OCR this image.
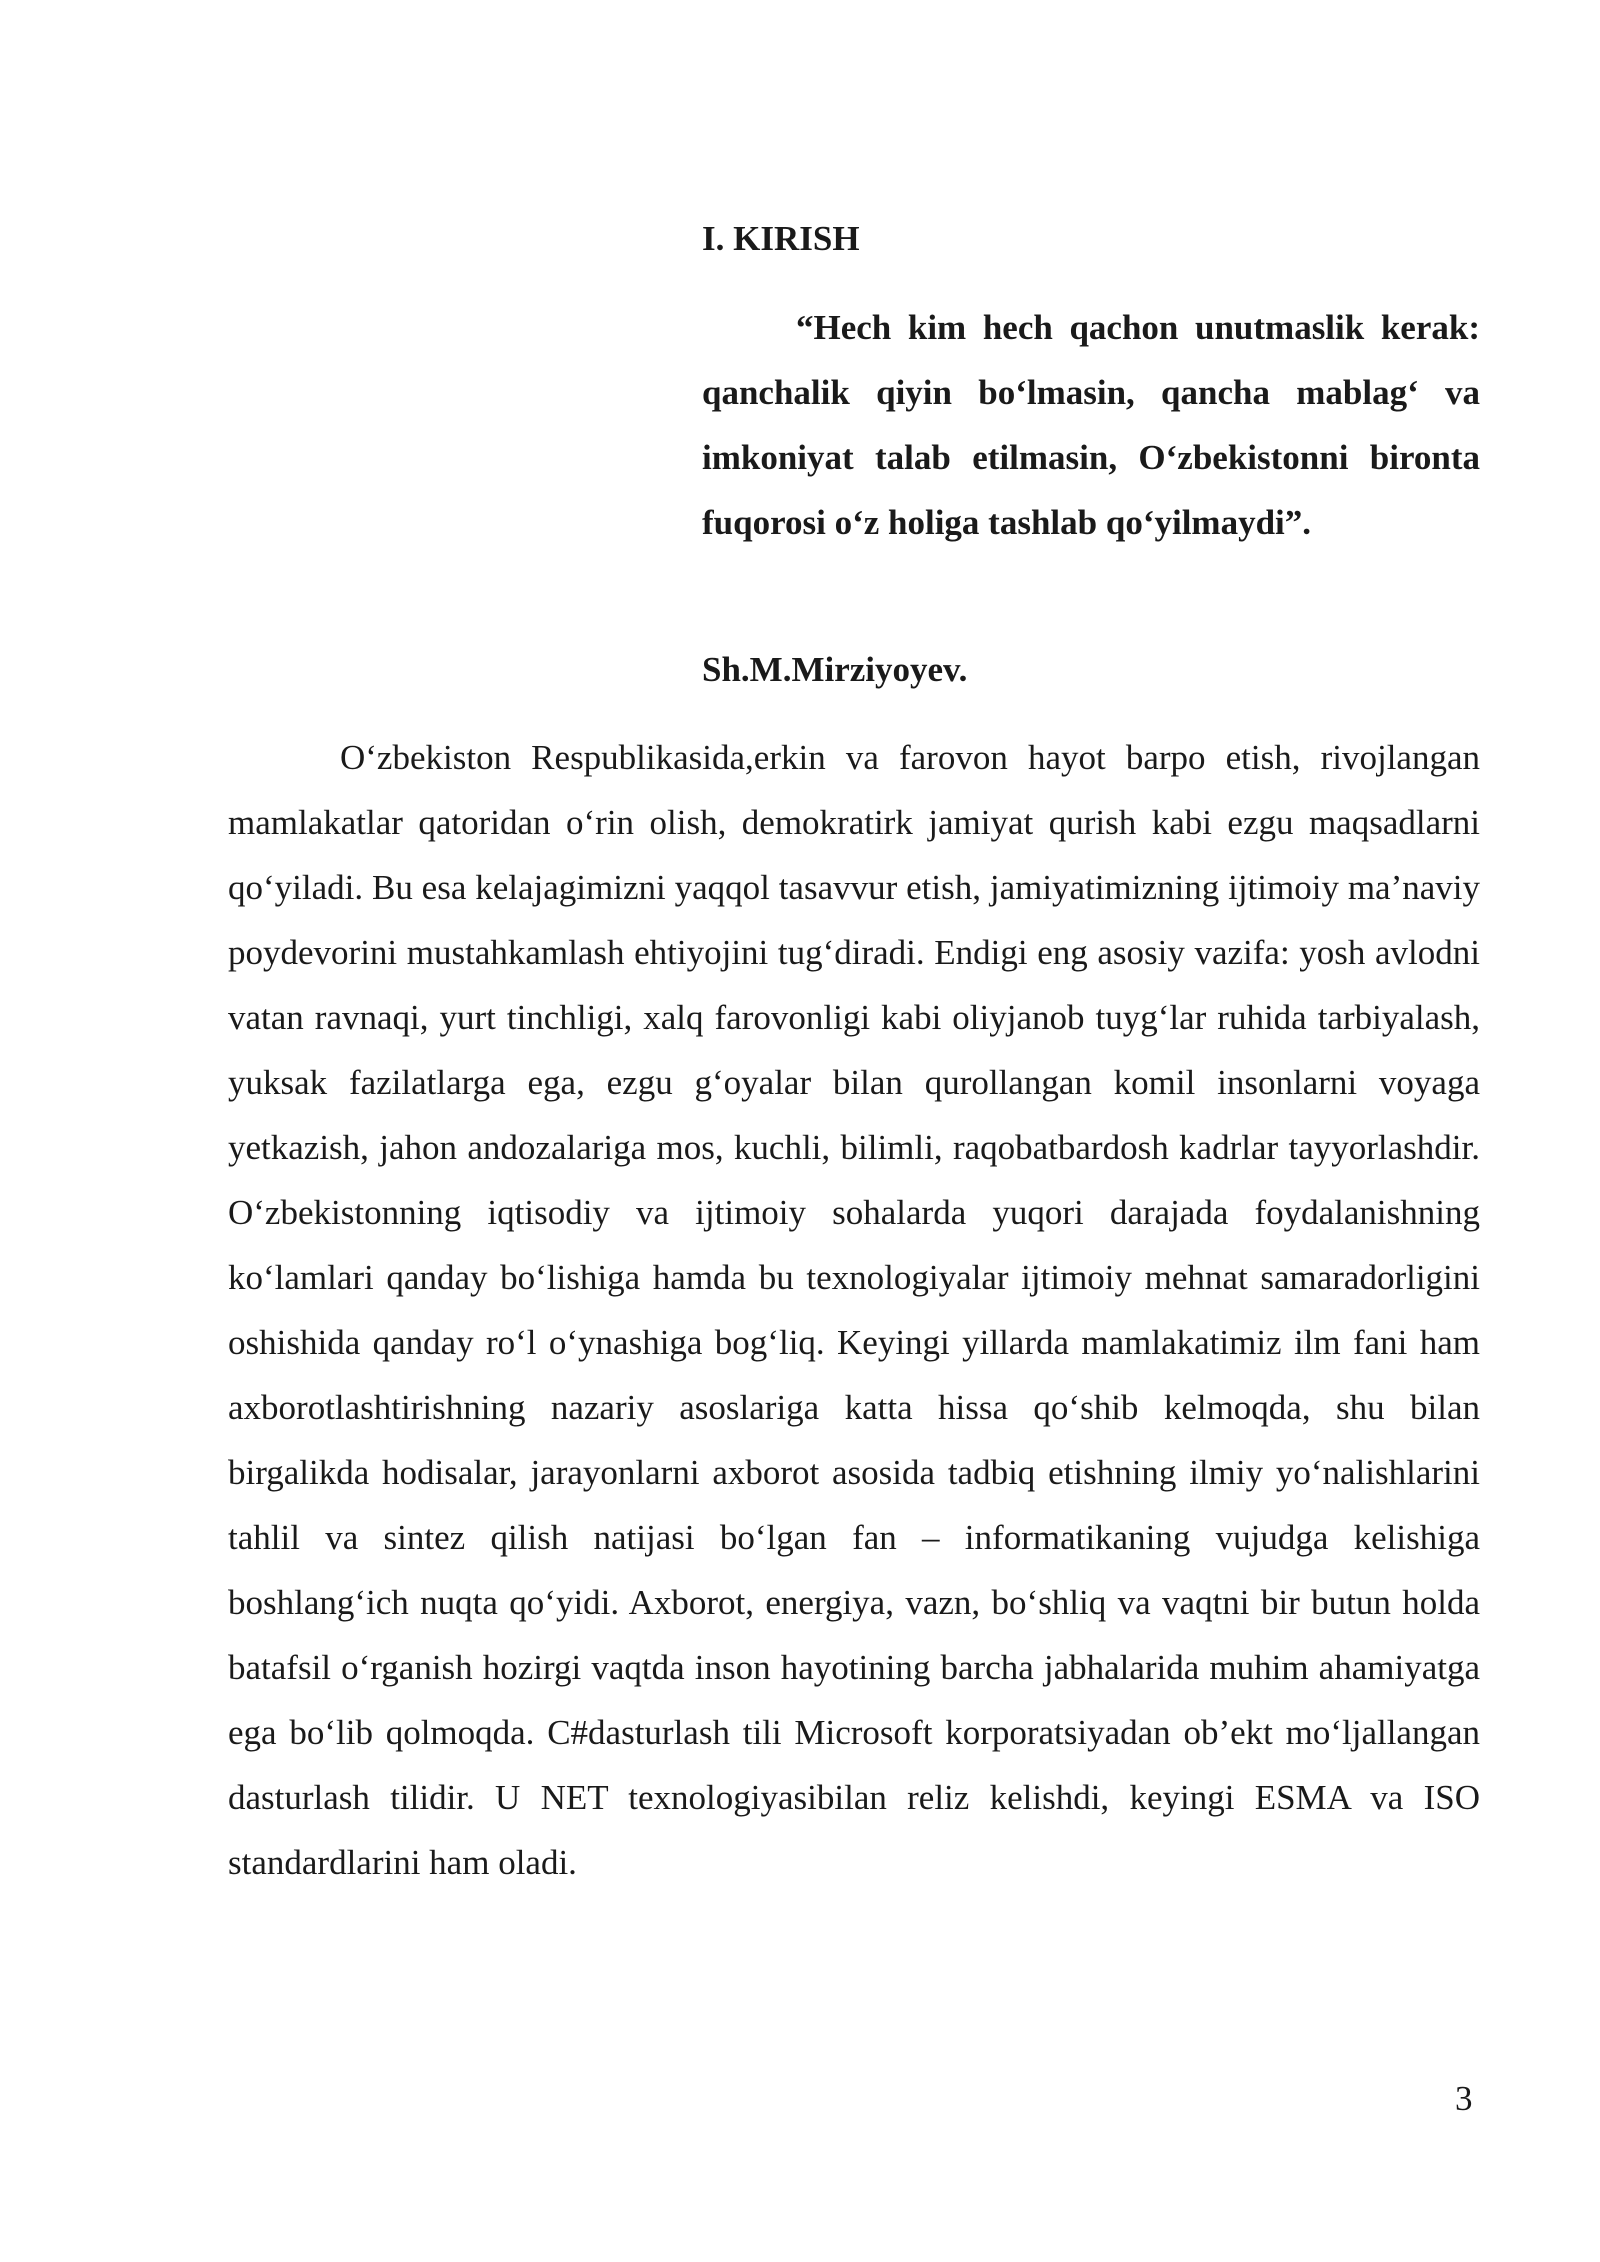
I. KIRISH

“Hech kim hech qachon unutmaslik kerak: qanchalik qiyin bo‘lmasin, qancha mablag‘ va imkoniyat talab etilmasin, O‘zbekistonni bironta fuqorosi o‘z holiga tashlab qo‘yilmaydi”.

Sh.M.Mirziyoyev.

O‘zbekiston Respublikasida,erkin va farovon hayot barpo etish, rivojlangan mamlakatlar qatoridan o‘rin olish, demokratirk jamiyat qurish kabi ezgu maqsadlarni qo‘yiladi. Bu esa kelajagimizni yaqqol tasavvur etish, jamiyatimizning ijtimoiy ma’naviy poydevorini mustahkamlash ehtiyojini tug‘diradi. Endigi eng asosiy vazifa: yosh avlodni vatan ravnaqi, yurt tinchligi, xalq farovonligi kabi oliyjanob tuyg‘lar ruhida tarbiyalash, yuksak fazilatlarga ega, ezgu g‘oyalar bilan qurollangan komil insonlarni voyaga yetkazish, jahon andozalariga mos, kuchli, bilimli, raqobatbardosh kadrlar tayyorlashdir. O‘zbekistonning iqtisodiy va ijtimoiy sohalarda yuqori darajada foydalanishning ko‘lamlari qanday bo‘lishiga hamda bu texnologiyalar ijtimoiy mehnat samaradorligini oshishida qanday ro‘l o‘ynashiga bog‘liq. Keyingi yillarda mamlakatimiz ilm fani ham axborotlashtirishning nazariy asoslariga katta hissa qo‘shib kelmoqda, shu bilan birgalikda hodisalar, jarayonlarni axborot asosida tadbiq etishning ilmiy yo‘nalishlarini tahlil va sintez qilish natijasi bo‘lgan fan – informatikaning vujudga kelishiga boshlang‘ich nuqta qo‘yidi. Axborot, energiya, vazn, bo‘shliq va vaqtni bir butun holda batafsil o‘rganish hozirgi vaqtda inson hayotining barcha jabhalarida muhim ahamiyatga ega bo‘lib qolmoqda. C#dasturlash tili Microsoft korporatsiyadan ob’ekt mo‘ljallangan dasturlash tilidir. U NET texnologiyasibilan reliz kelishdi, keyingi ESMA va ISO standardlarini ham oladi.

3
